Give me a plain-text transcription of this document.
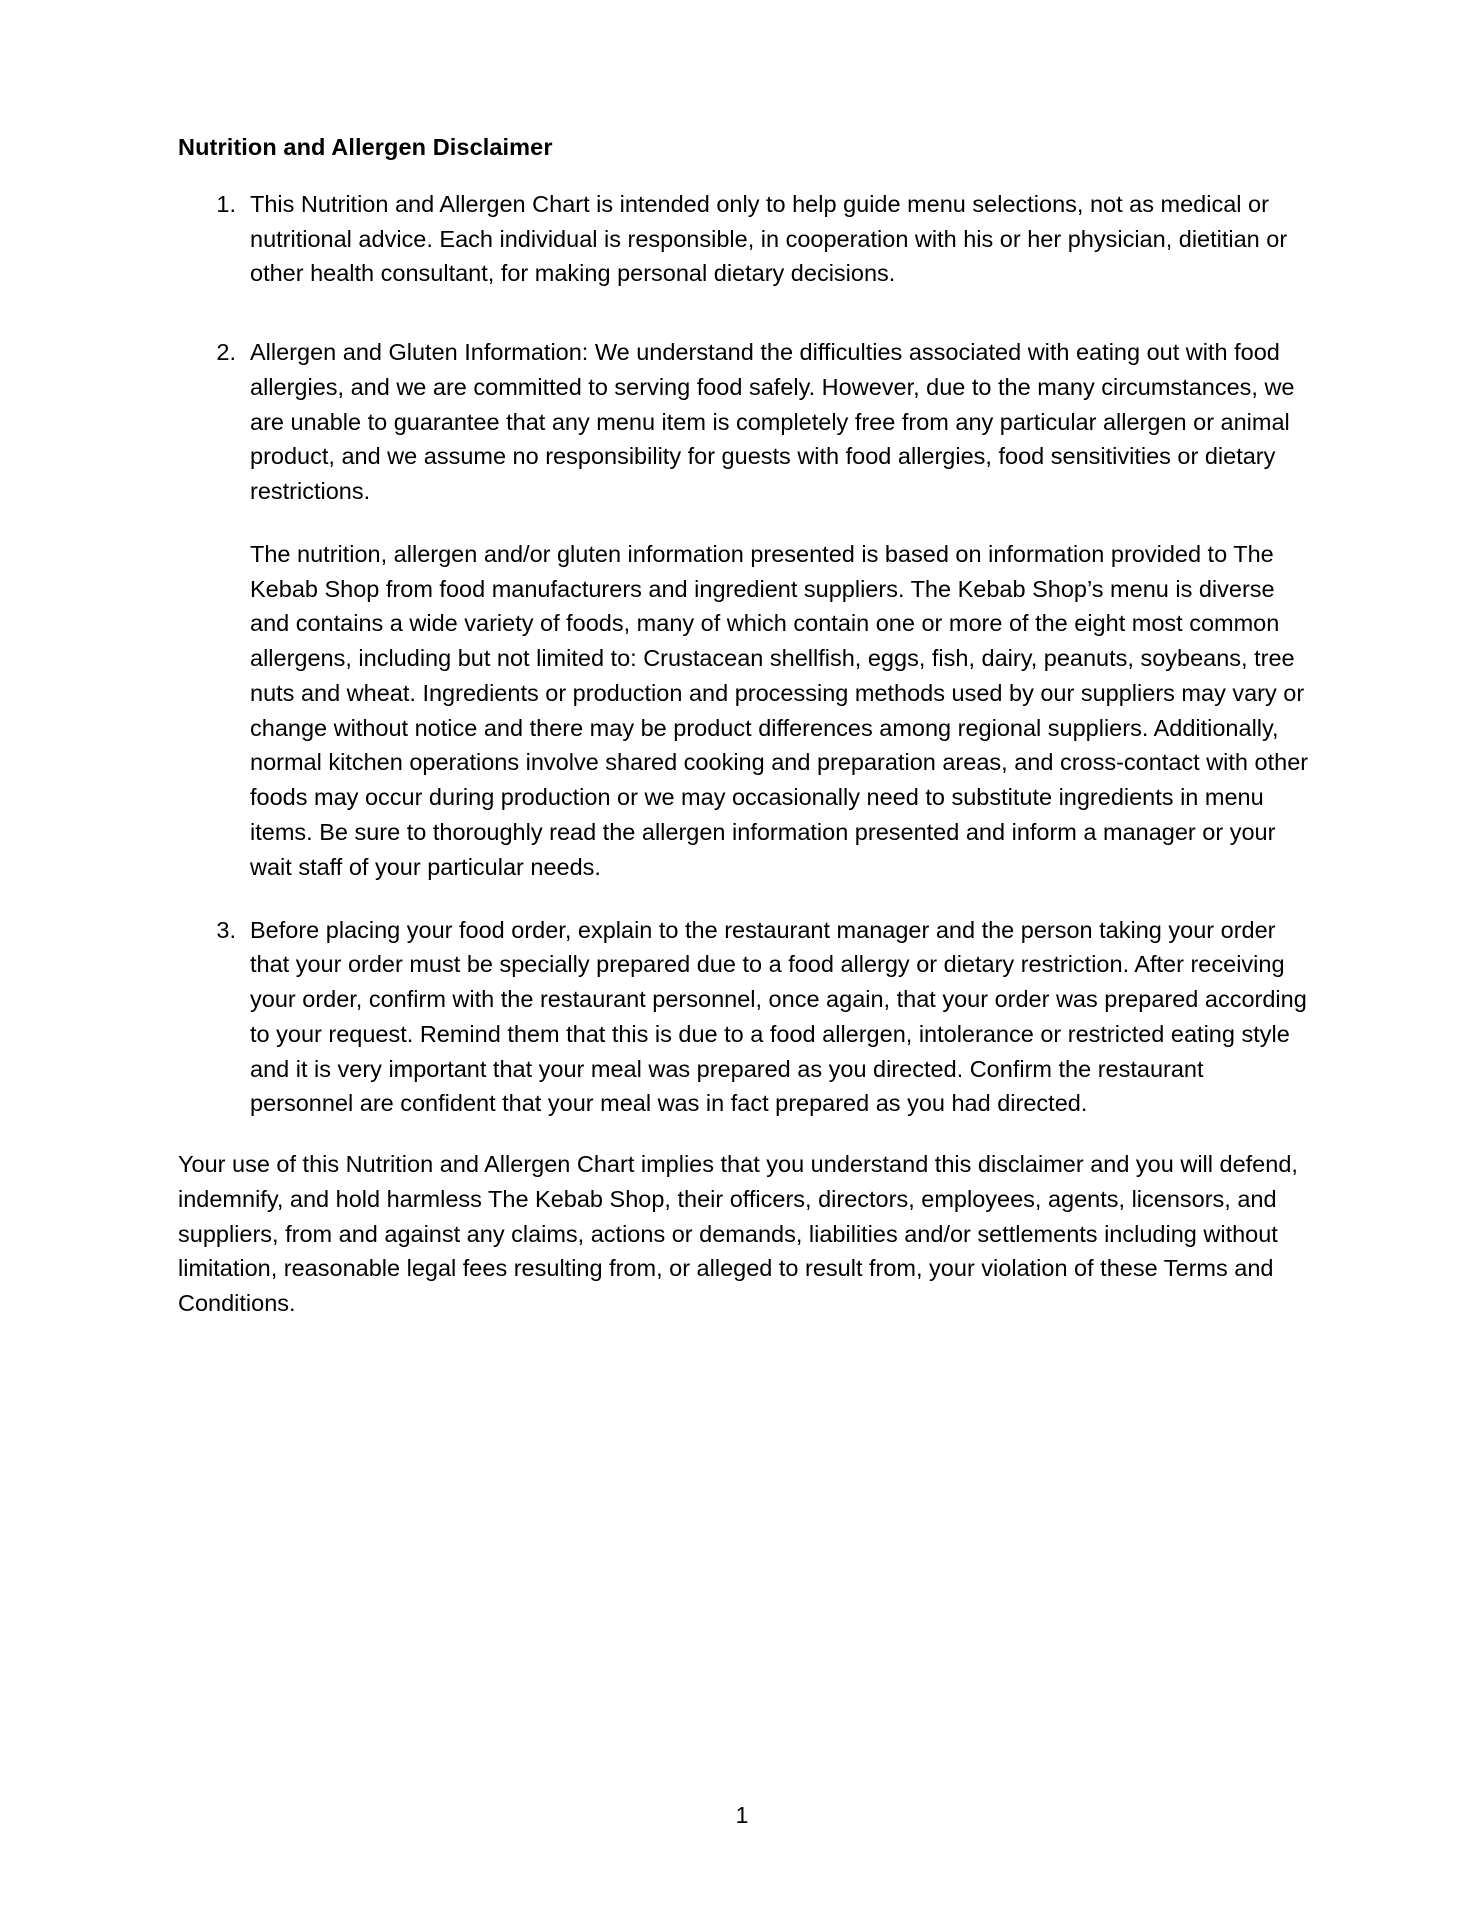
Nutrition and Allergen Disclaimer
1. This Nutrition and Allergen Chart is intended only to help guide menu selections, not as medical or nutritional advice. Each individual is responsible, in cooperation with his or her physician, dietitian or other health consultant, for making personal dietary decisions.

2. Allergen and Gluten Information: We understand the difficulties associated with eating out with food allergies, and we are committed to serving food safely. However, due to the many circumstances, we are unable to guarantee that any menu item is completely free from any particular allergen or animal product, and we assume no responsibility for guests with food allergies, food sensitivities or dietary restrictions.

The nutrition, allergen and/or gluten information presented is based on information provided to The Kebab Shop from food manufacturers and ingredient suppliers. The Kebab Shop’s menu is diverse and contains a wide variety of foods, many of which contain one or more of the eight most common allergens, including but not limited to: Crustacean shellfish, eggs, fish, dairy, peanuts, soybeans, tree nuts and wheat. Ingredients or production and processing methods used by our suppliers may vary or change without notice and there may be product differences among regional suppliers. Additionally, normal kitchen operations involve shared cooking and preparation areas, and cross-contact with other foods may occur during production or we may occasionally need to substitute ingredients in menu items. Be sure to thoroughly read the allergen information presented and inform a manager or your wait staff of your particular needs.

3. Before placing your food order, explain to the restaurant manager and the person taking your order that your order must be specially prepared due to a food allergy or dietary restriction. After receiving your order, confirm with the restaurant personnel, once again, that your order was prepared according to your request. Remind them that this is due to a food allergen, intolerance or restricted eating style and it is very important that your meal was prepared as you directed. Confirm the restaurant personnel are confident that your meal was in fact prepared as you had directed.

Your use of this Nutrition and Allergen Chart implies that you understand this disclaimer and you will defend, indemnify, and hold harmless The Kebab Shop, their officers, directors, employees, agents, licensors, and suppliers, from and against any claims, actions or demands, liabilities and/or settlements including without limitation, reasonable legal fees resulting from, or alleged to result from, your violation of these Terms and Conditions.

1
